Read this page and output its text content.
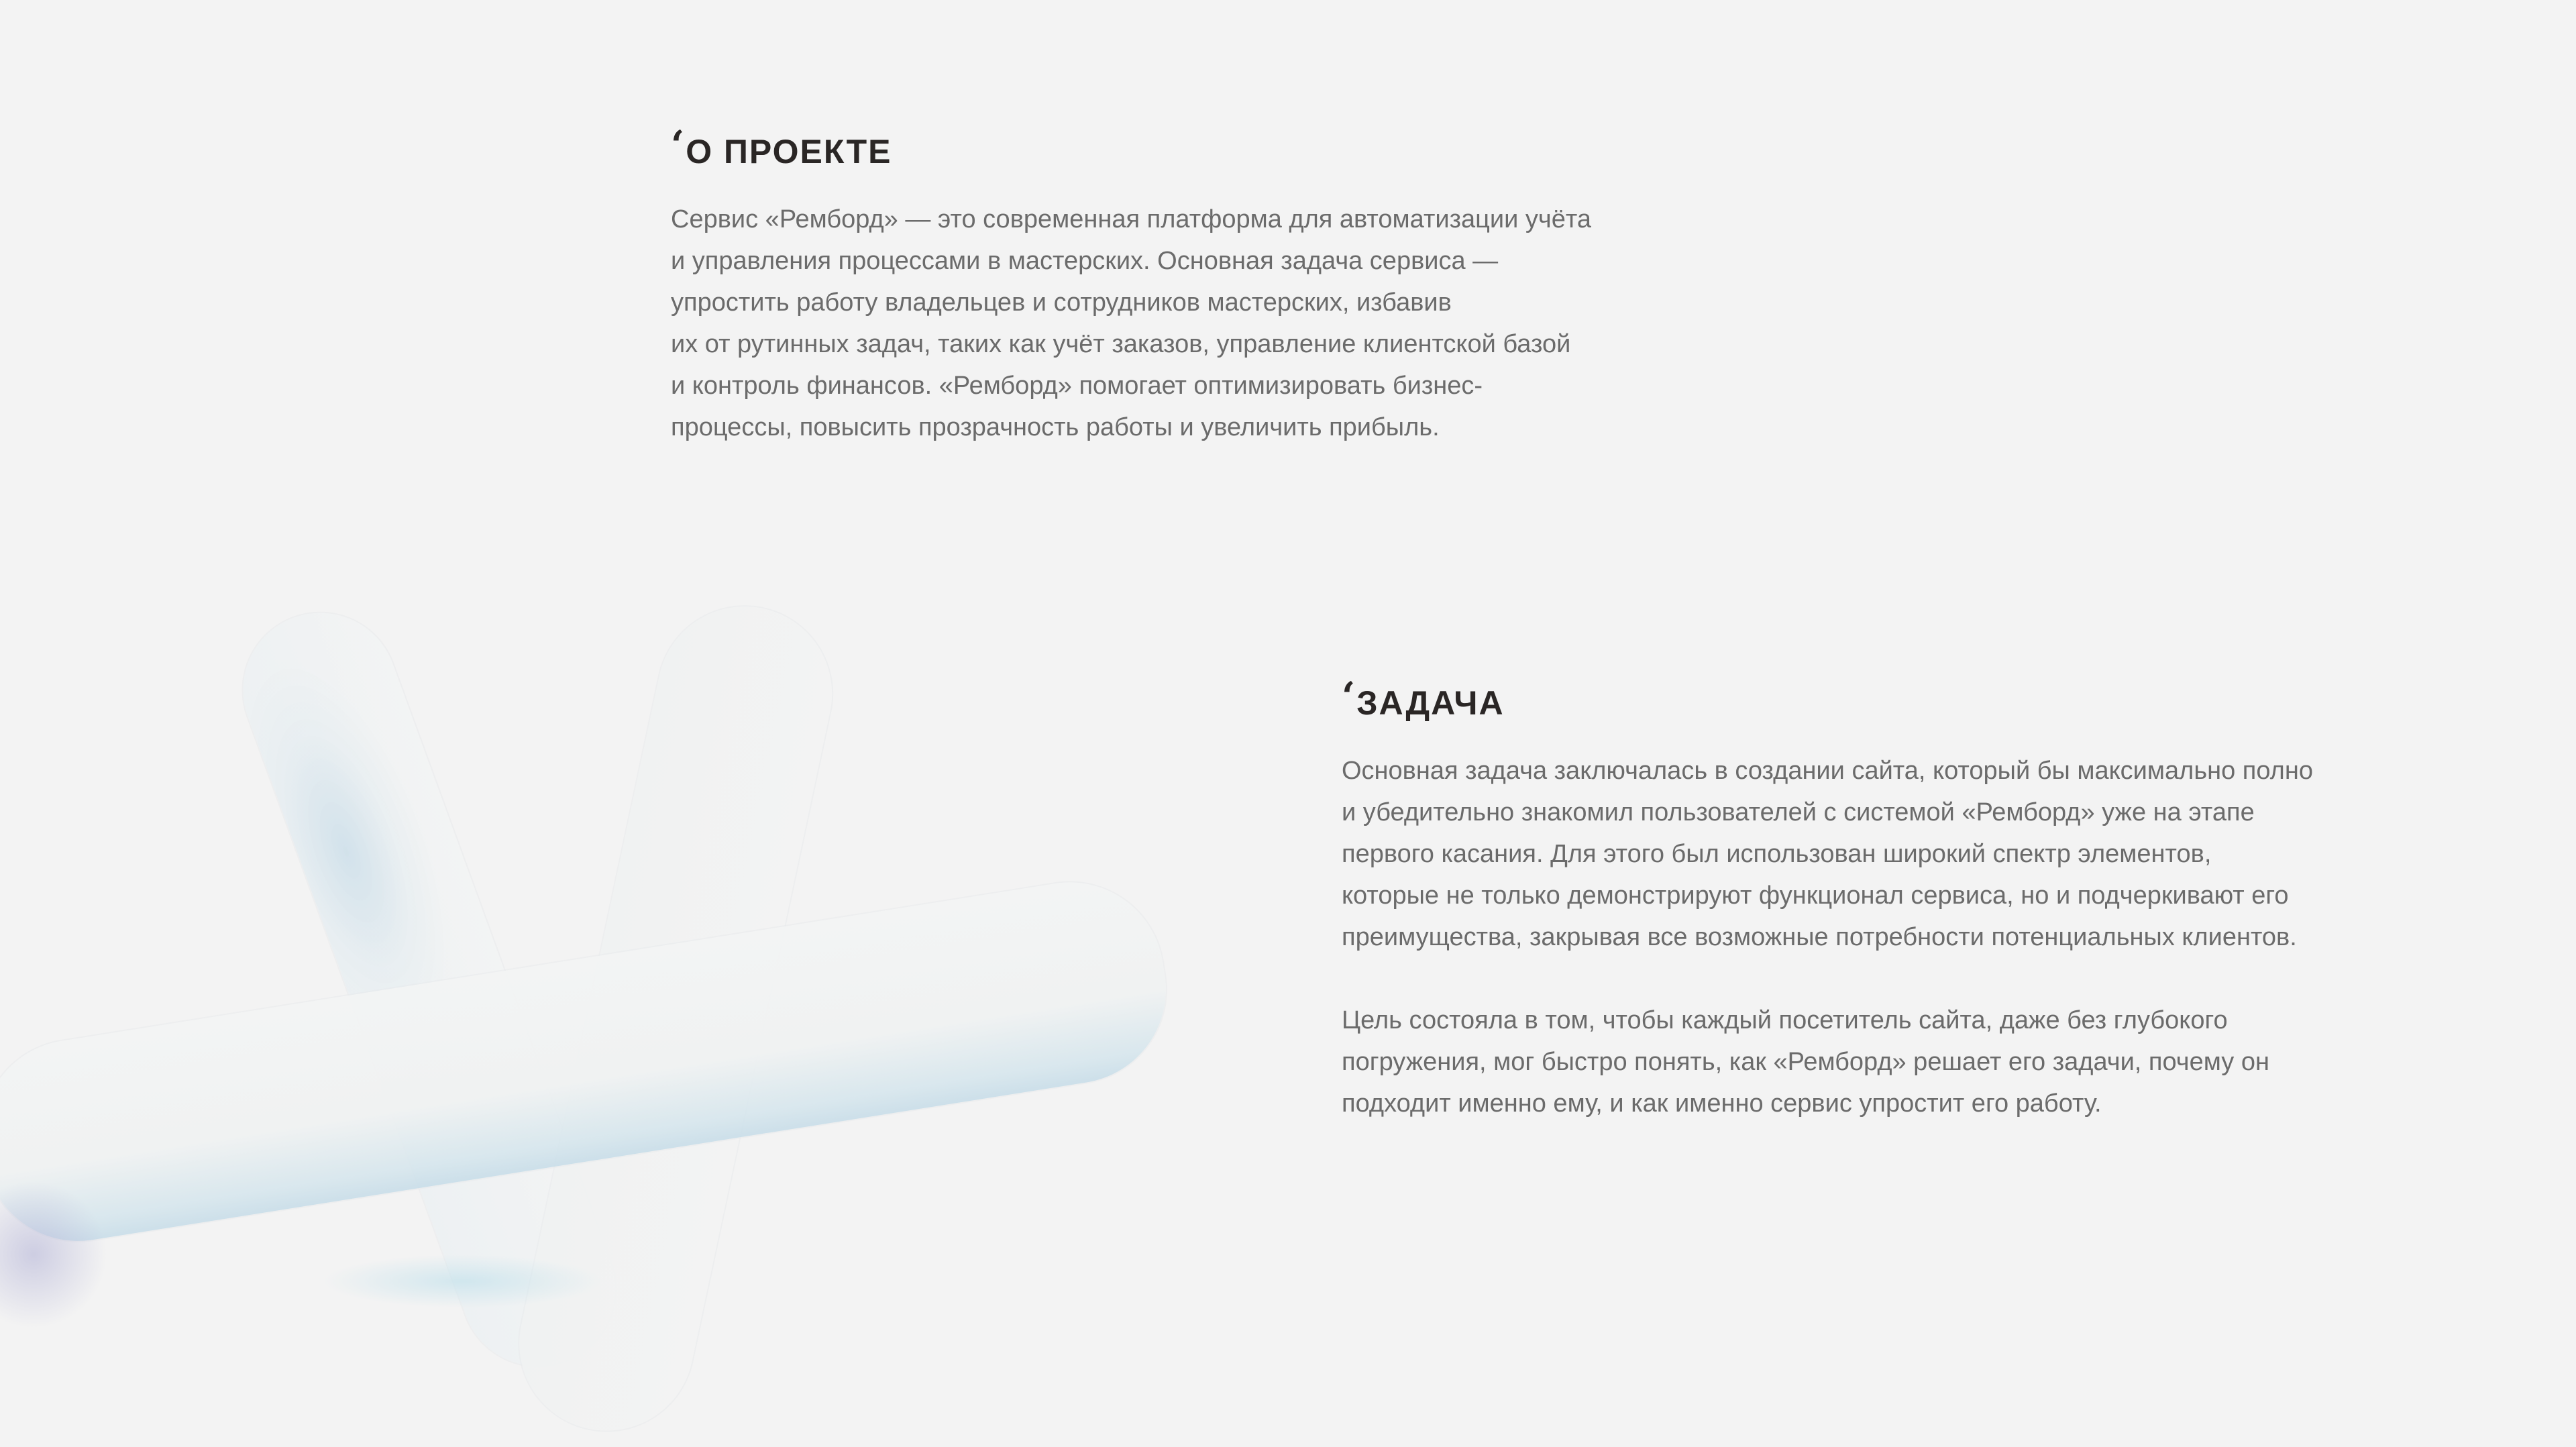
‘ О ПРОЕКТЕ

Сервис «Рембoрд» — это современная платформа для автоматизации учёта
и управления процессами в мастерских. Основная задача сервиса —
упростить работу владельцев и сотрудников мастерских, избавив
их от рутинных задач, таких как учёт заказов, управление клиентской базой
и контроль финансов. «Рембoрд» помогает оптимизировать бизнес-
процессы, повысить прозрачность работы и увеличить прибыль.

‘ ЗАДАЧА

Основная задача заключалась в создании сайта, который бы максимально полно
и убедительно знакомил пользователей с системой «Рембoрд» уже на этапе
первого касания. Для этого был использован широкий спектр элементов,
которые не только демонстрируют функционал сервиса, но и подчеркивают его
преимущества, закрывая все возможные потребности потенциальных клиентов.

Цель состояла в том, чтобы каждый посетитель сайта, даже без глубокого
погружения, мог быстро понять, как «Рембoрд» решает его задачи, почему он
подходит именно ему, и как именно сервис упростит его работу.
